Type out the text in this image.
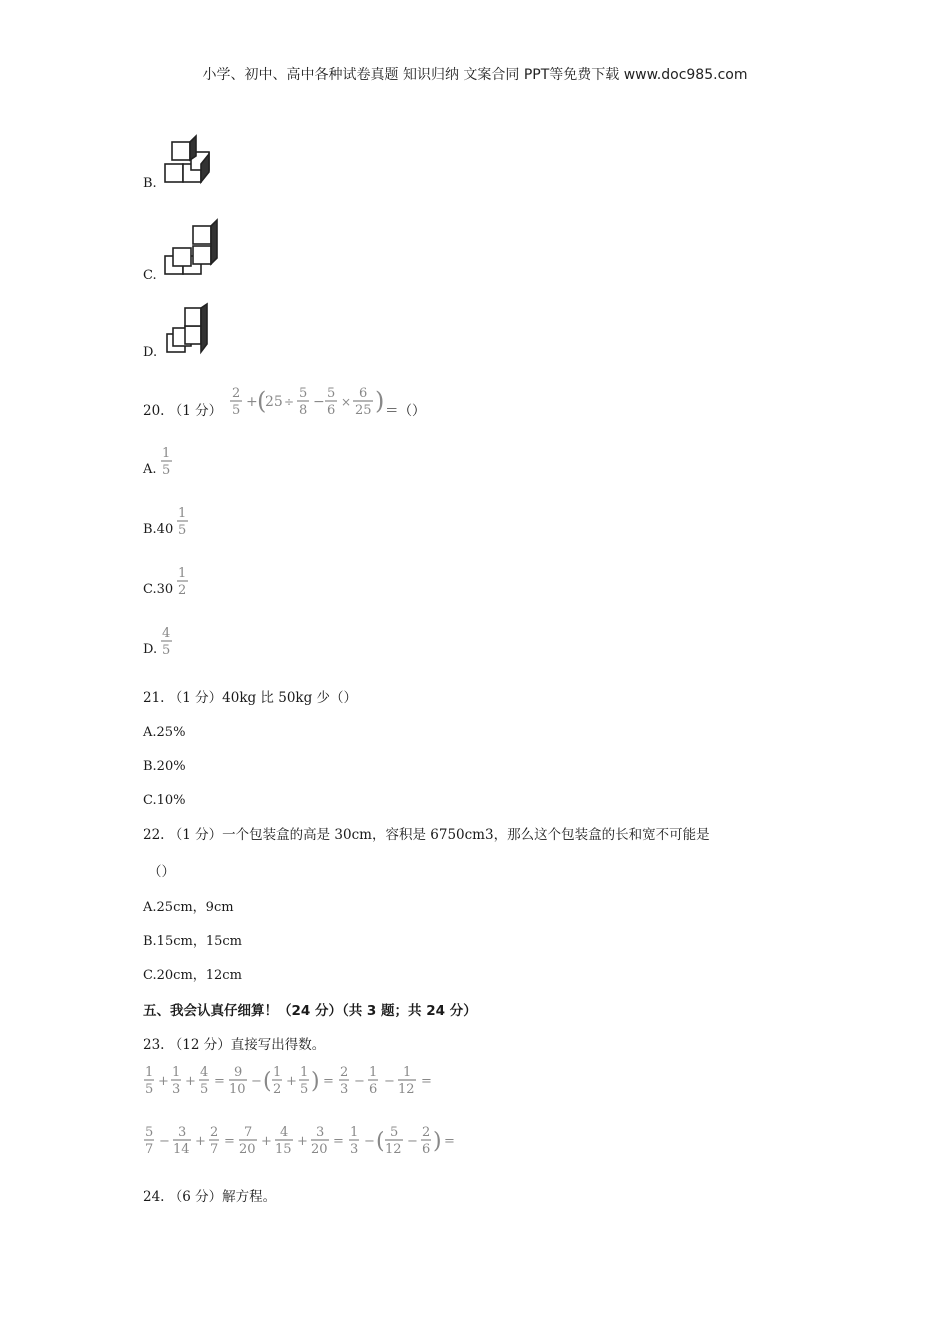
小学、初中、高中各种试卷真题 知识归纳 文案合同 PPT等免费下载 www.doc985.com
B.
C.
D.
20. （1 分）
2
5
+ (
25 ÷
5
8
−
5
6
×
6
25 ) ＝（）
A.
1
5
B.40
1
5
C.30
1
2
D.
4
5
21. （1 分）40kg 比 50kg 少（）
A.25%
B.20%
C.10%
22. （1 分）一个包装盒的高是 30cm，容积是 6750cm3，那么这个包装盒的长和宽不可能是
（）
A.25cm，9cm
B.15cm，15cm
C.20cm，12cm
五、我会认真仔细算！（24 分）（共 3 题；共 24 分）
23. （12 分）直接写出得数。
1
5
+
1
3
+
4
5
=
9
10
− ( 1
2
+
1
5 ) =
2
3
−
1
6
−
1
12
=
5
7
−
3
14
+
2
7
=
7
20
+
4
15
+
3
20
=
1
3
− ( 5
12
−
2
6 ) =
24. （6 分）解方程。
